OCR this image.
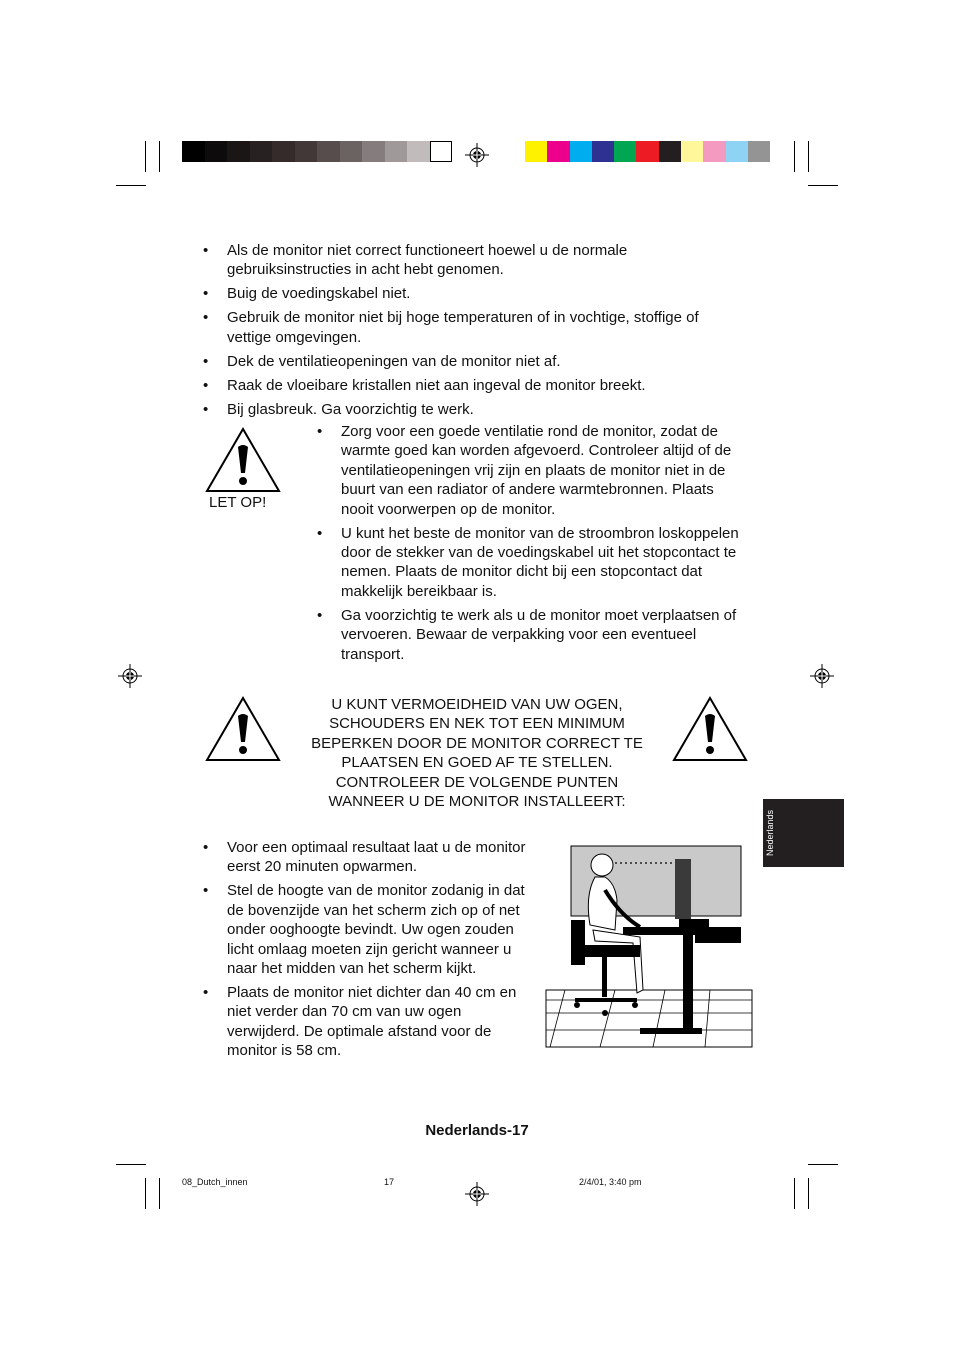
• Als de monitor niet correct functioneert hoewel u de normale gebruiksinstructies in acht hebt genomen.
• Buig de voedingskabel niet.
• Gebruik de monitor niet bij hoge temperaturen of in vochtige, stoffige of vettige omgevingen.
• Dek de ventilatieopeningen van de monitor niet af.
• Raak de vloeibare kristallen niet aan ingeval de monitor breekt.
• Bij glasbreuk. Ga voorzichtig te werk.
LET OP!
• Zorg voor een goede ventilatie rond de monitor, zodat de warmte goed kan worden afgevoerd. Controleer altijd of de ventilatieopeningen vrij zijn en plaats de monitor niet in de buurt van een radiator of andere warmtebronnen. Plaats nooit voorwerpen op de monitor.
• U kunt het beste de monitor van de stroombron loskoppelen door de stekker van de voedingskabel uit het stopcontact te nemen. Plaats de monitor dicht bij een stopcontact dat makkelijk bereikbaar is.
• Ga voorzichtig te werk als u de monitor moet verplaatsen of vervoeren. Bewaar de verpakking voor een eventueel transport.
U KUNT VERMOEIDHEID VAN UW OGEN,
SCHOUDERS EN NEK TOT EEN MINIMUM
BEPERKEN DOOR DE MONITOR CORRECT TE
PLAATSEN EN GOED AF TE STELLEN.
CONTROLEER DE VOLGENDE PUNTEN
WANNEER U DE MONITOR INSTALLEERT:
Nederlands
• Voor een optimaal resultaat laat u de monitor eerst 20 minuten opwarmen.
• Stel de hoogte van de monitor zodanig in dat de bovenzijde van het scherm zich op of net onder ooghoogte bevindt. Uw ogen zouden licht omlaag moeten zijn gericht wanneer u naar het midden van het scherm kijkt.
• Plaats de monitor niet dichter dan 40 cm en niet verder dan 70 cm van uw ogen verwijderd. De optimale afstand voor de monitor is 58 cm.
Nederlands-17
08_Dutch_innen	17	2/4/01, 3:40 pm
